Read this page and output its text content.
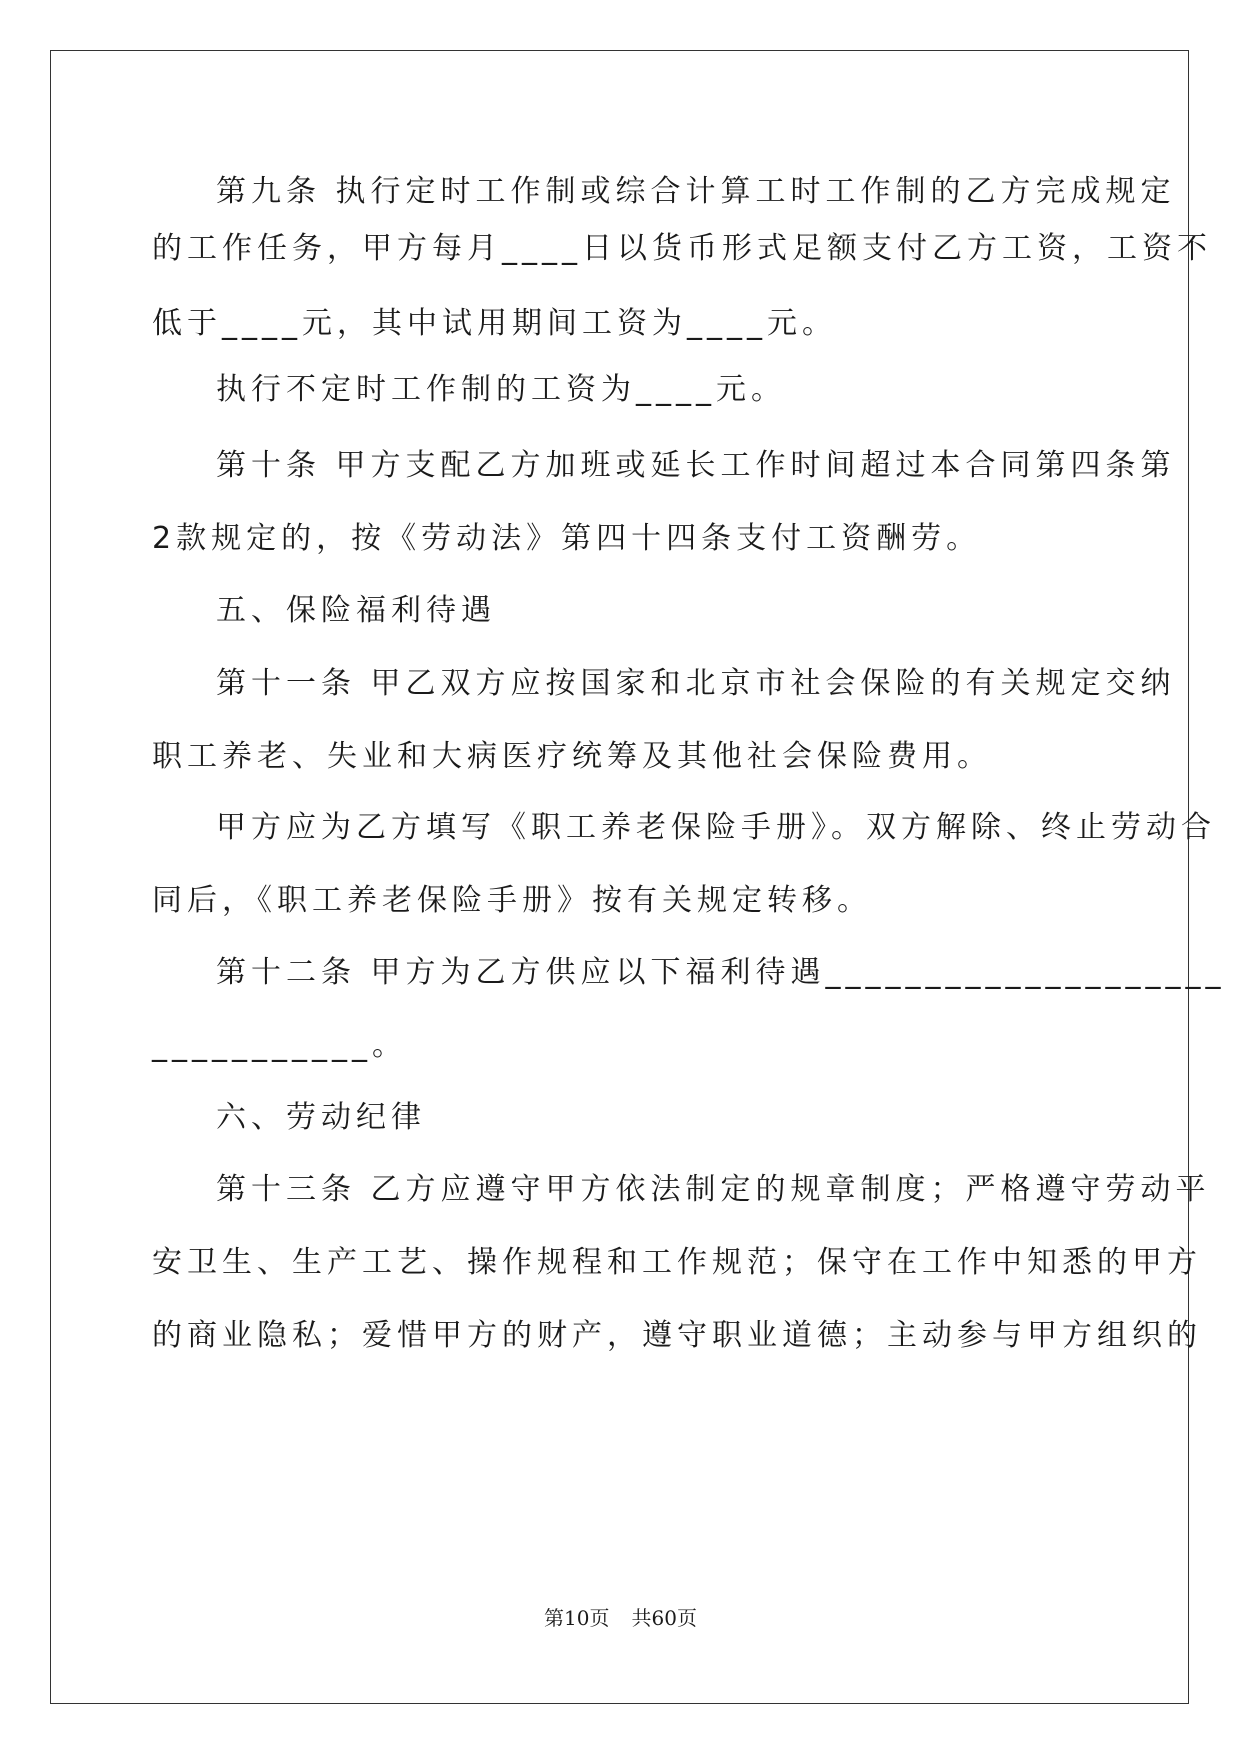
第九条 执行定时工作制或综合计算工时工作制的乙方完成规定
的工作任务，甲方每月____日以货币形式足额支付乙方工资，工资不
低于____元，其中试用期间工资为____元。
执行不定时工作制的工资为____元。
第十条 甲方支配乙方加班或延长工作时间超过本合同第四条第
2款规定的，按《劳动法》第四十四条支付工资酬劳。
五、保险福利待遇
第十一条 甲乙双方应按国家和北京市社会保险的有关规定交纳
职工养老、失业和大病医疗统筹及其他社会保险费用。
甲方应为乙方填写《职工养老保险手册》。双方解除、终止劳动合
同后，《职工养老保险手册》按有关规定转移。
第十二条 甲方为乙方供应以下福利待遇____________________
___________。
六、劳动纪律
第十三条 乙方应遵守甲方依法制定的规章制度；严格遵守劳动平
安卫生、生产工艺、操作规程和工作规范；保守在工作中知悉的甲方
的商业隐私；爱惜甲方的财产，遵守职业道德；主动参与甲方组织的
第10页 共60页
